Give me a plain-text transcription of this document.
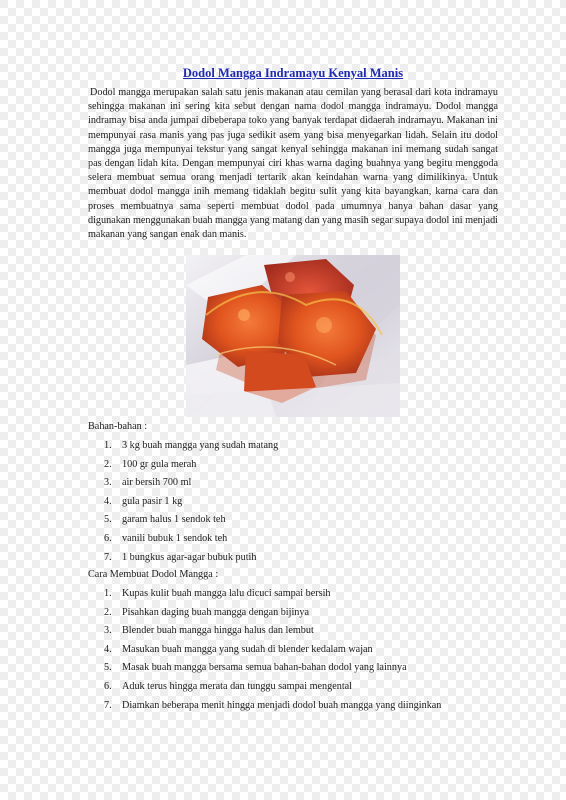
Dodol Mangga Indramayu Kenyal Manis

Dodol mangga merupakan salah satu jenis makanan atau cemilan yang berasal dari kota indramayu sehingga makanan ini sering kita sebut dengan nama dodol mangga indramayu. Dodol mangga indramay bisa anda jumpai dibeberapa toko yang banyak terdapat didaerah indramayu. Makanan ini mempunyai rasa manis yang pas juga sedikit asem yang bisa menyegarkan lidah. Selain itu dodol mangga juga mempunyai tekstur yang sangat kenyal sehingga makanan ini memang sudah sangat pas dengan lidah kita. Dengan mempunyai ciri khas warna daging buahnya yang begitu menggoda selera membuat semua orang menjadi tertarik akan keindahan warna yang dimilikinya. Untuk membuat dodol mangga inih memang tidaklah begitu sulit yang kita bayangkan, karna cara dan proses membuatnya sama seperti membuat dodol pada umumnya hanya bahan dasar yang digunakan menggunakan buah mangga yang matang dan yang masih segar supaya dodol ini menjadi makanan yang sangan enak dan manis.

Bahan-bahan :

1. 3 kg buah mangga yang sudah matang
2. 100 gr gula merah
3. air bersih 700 ml
4. gula pasir 1 kg
5. garam halus 1 sendok teh
6. vanili bubuk 1 sendok teh
7. 1 bungkus agar-agar bubuk putih

Cara Membuat Dodol Mangga :

1. Kupas kulit buah mangga lalu dicuci sampai bersih
2. Pisahkan daging buah mangga dengan bijinya
3. Blender buah mangga hingga halus dan lembut
4. Masukan buah mangga yang sudah di blender kedalam wajan
5. Masak buah mangga bersama semua bahan-bahan dodol yang lainnya
6. Aduk terus hingga merata dan tunggu sampai mengental
7. Diamkan beberapa menit hingga menjadi dodol buah mangga yang diinginkan
